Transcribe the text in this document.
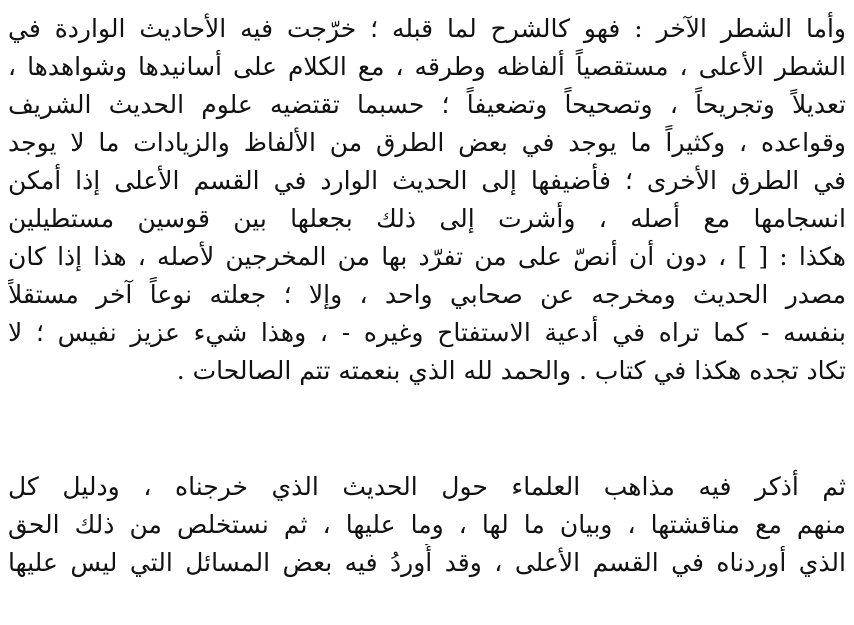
وأما الشطر الآخر : فهو كالشرح لما قبله ؛ خرّجت فيه الأحاديث الواردة في
الشطر الأعلى ، مستقصياً ألفاظه وطرقه ، مع الكلام على أسانيدها وشواهدها ،
تعديلاً وتجريحاً ، وتصحيحاً وتضعيفاً ؛ حسبما تقتضيه علوم الحديث الشريف
وقواعده ، وكثيراً ما يوجد في بعض الطرق من الألفاظ والزيادات ما لا يوجد
في الطرق الأخرى ؛ فأضيفها إلى الحديث الوارد في القسم الأعلى إذا أمكن
انسجامها مع أصله ، وأشرت إلى ذلك بجعلها بين قوسين مستطيلين
هكذا : [ ] ، دون أن أنصّ على من تفرّد بها من المخرجين لأصله ، هذا إذا كان
مصدر الحديث ومخرجه عن صحابي واحد ، وإلا ؛ جعلته نوعاً آخر مستقلاً
بنفسه - كما تراه في أدعية الاستفتاح وغيره - ، وهذا شيء عزيز نفيس ؛ لا
تكاد تجده هكذا في كتاب . والحمد لله الذي بنعمته تتم الصالحات .
ثم أذكر فيه مذاهب العلماء حول الحديث الذي خرجناه ، ودليل كل
منهم مع مناقشتها ، وبيان ما لها ، وما عليها ، ثم نستخلص من ذلك الحق
الذي أوردناه في القسم الأعلى ، وقد أُوردُ فيه بعض المسائل التي ليس عليها
